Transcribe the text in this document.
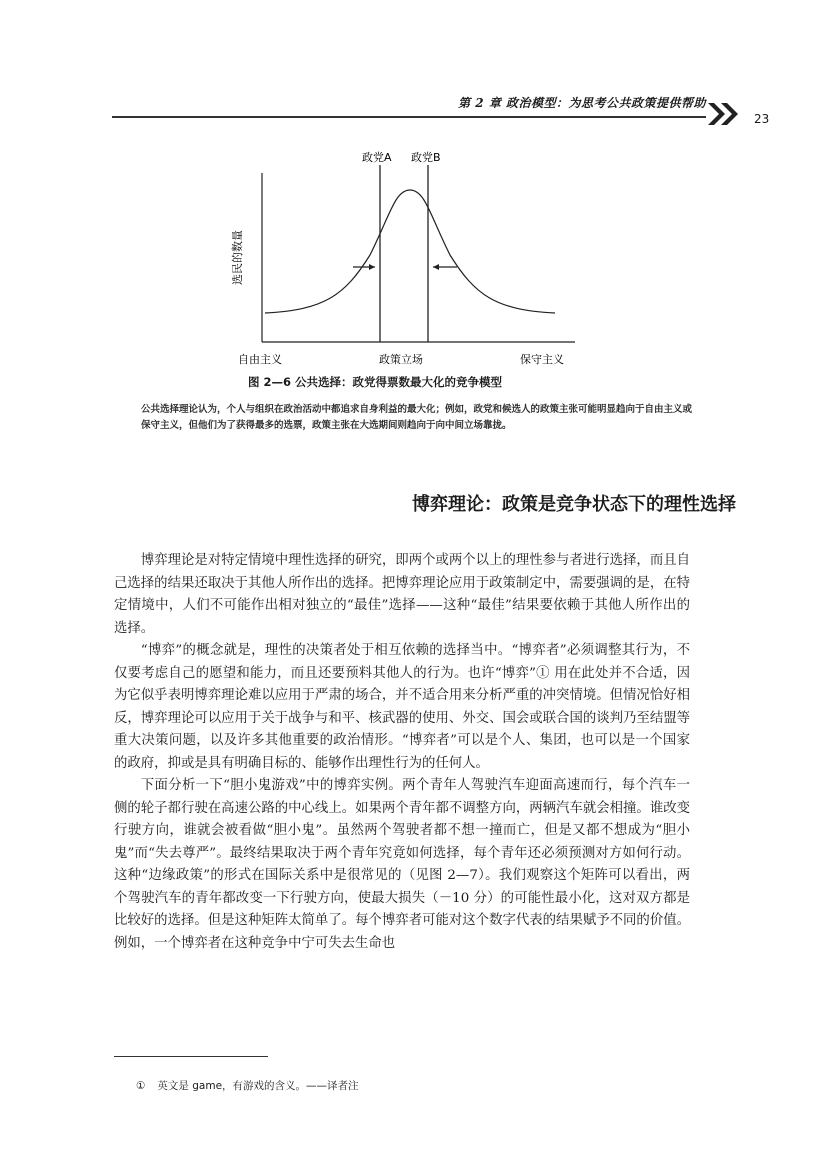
第 2 章 政治模型：为思考公共政策提供帮助
23
政党A 政党B
选民的数量
自由主义	政策立场	保守主义
图 2—6 公共选择：政党得票数最大化的竞争模型
公共选择理论认为，个人与组织在政治活动中都追求自身利益的最大化；例如，政党和候选人的政策主张可能明显趋向于自由主义或保守主义，但他们为了获得最多的选票，政策主张在大选期间则趋向于向中间立场靠拢。
博弈理论：政策是竞争状态下的理性选择

博弈理论是对特定情境中理性选择的研究，即两个或两个以上的理性参与者进行选择，而且自己选择的结果还取决于其他人所作出的选择。把博弈理论应用于政策制定中，需要强调的是，在特定情境中，人们不可能作出相对独立的“最佳”选择——这种“最佳”结果要依赖于其他人所作出的选择。

“博弈”的概念就是，理性的决策者处于相互依赖的选择当中。“博弈者”必须调整其行为，不仅要考虑自己的愿望和能力，而且还要预料其他人的行为。也许“博弈”① 用在此处并不合适，因为它似乎表明博弈理论难以应用于严肃的场合，并不适合用来分析严重的冲突情境。但情况恰好相反，博弈理论可以应用于关于战争与和平、核武器的使用、外交、国会或联合国的谈判乃至结盟等重大决策问题，以及许多其他重要的政治情形。“博弈者”可以是个人、集团，也可以是一个国家的政府，抑或是具有明确目标的、能够作出理性行为的任何人。

下面分析一下“胆小鬼游戏”中的博弈实例。两个青年人驾驶汽车迎面高速而行，每个汽车一侧的轮子都行驶在高速公路的中心线上。如果两个青年都不调整方向，两辆汽车就会相撞。谁改变行驶方向，谁就会被看做“胆小鬼”。虽然两个驾驶者都不想一撞而亡，但是又都不想成为“胆小鬼”而“失去尊严”。最终结果取决于两个青年究竟如何选择，每个青年还必须预测对方如何行动。这种“边缘政策”的形式在国际关系中是很常见的（见图 2—7）。我们观察这个矩阵可以看出，两个驾驶汽车的青年都改变一下行驶方向，使最大损失（－10 分）的可能性最小化，这对双方都是比较好的选择。但是这种矩阵太简单了。每个博弈者可能对这个数字代表的结果赋予不同的价值。例如，一个博弈者在这种竞争中宁可失去生命也

① 英文是 game，有游戏的含义。——译者注
